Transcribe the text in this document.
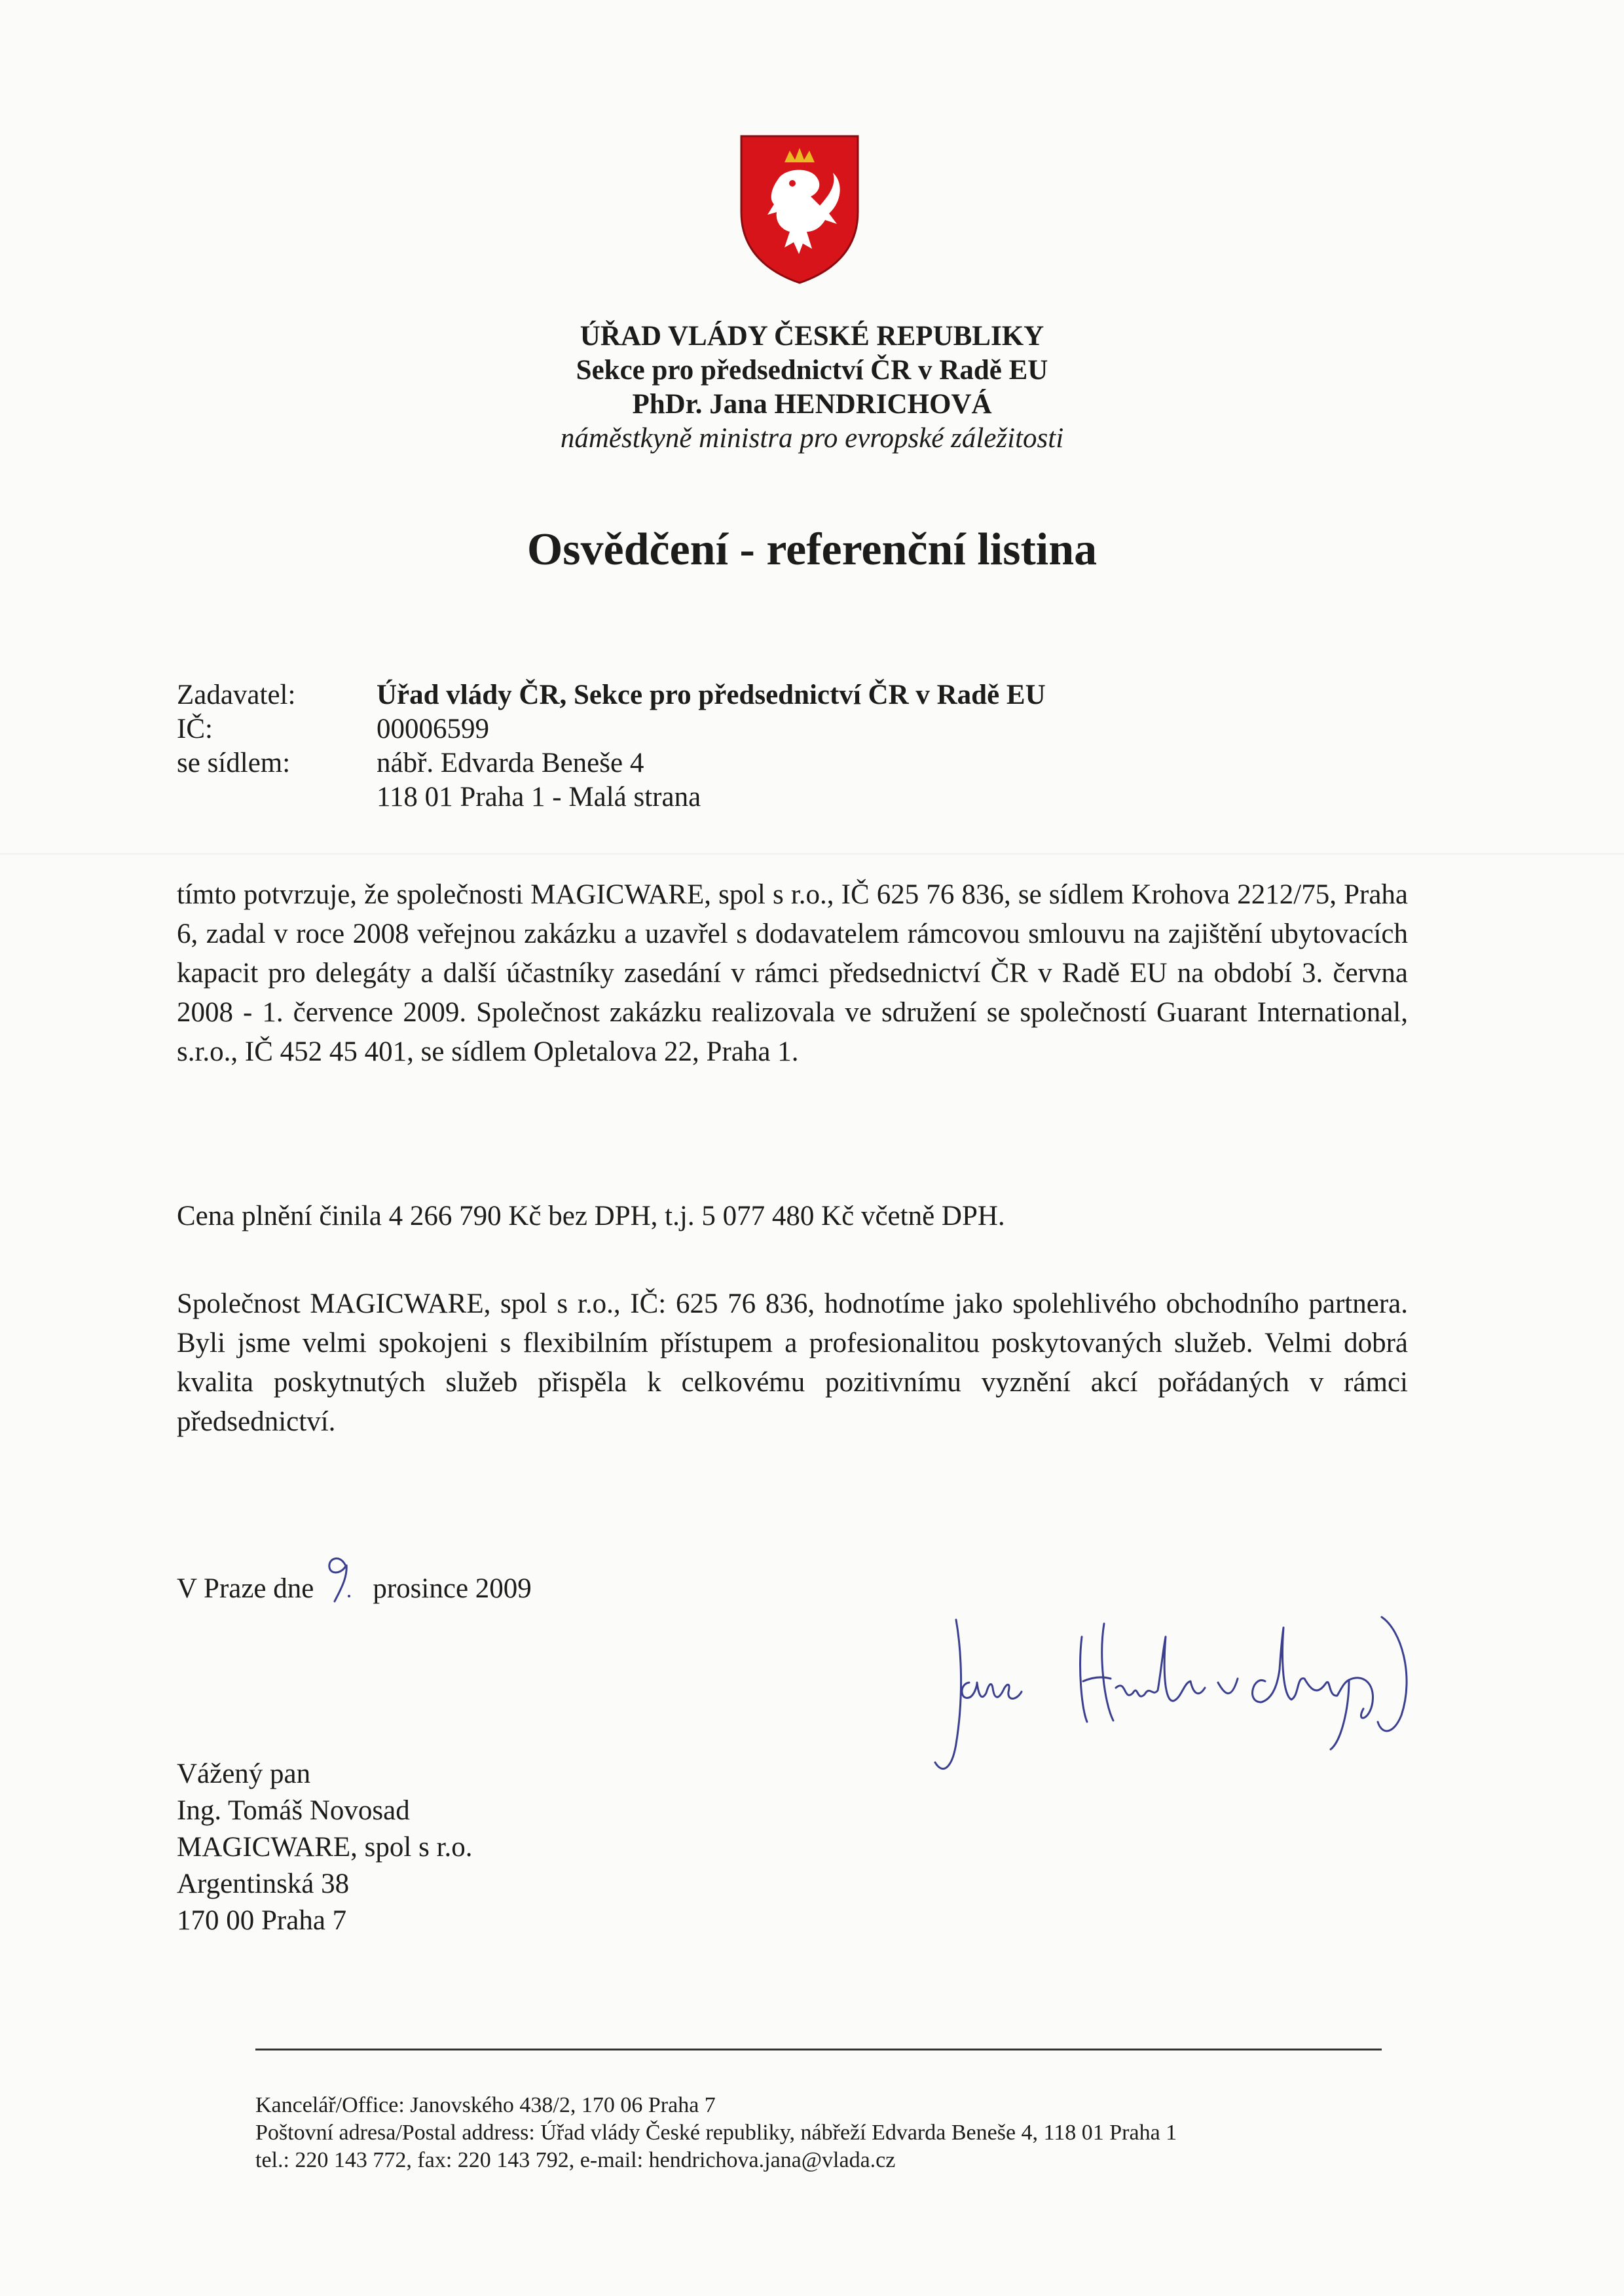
ÚŘAD VLÁDY ČESKÉ REPUBLIKY
Sekce pro předsednictví ČR v Radě EU
PhDr. Jana HENDRICHOVÁ
náměstkyně ministra pro evropské záležitosti
Osvědčení - referenční listina
Zadavatel:	Úřad vlády ČR, Sekce pro předsednictví ČR v Radě EU
IČ:	00006599
se sídlem:	nábř. Edvarda Beneše 4
118 01 Praha 1 - Malá strana

tímto potvrzuje, že společnosti MAGICWARE, spol s r.o., IČ 625 76 836, se sídlem Krohova 2212/75, Praha 6, zadal v roce 2008 veřejnou zakázku a uzavřel s dodavatelem rámcovou smlouvu na zajištění ubytovacích kapacit pro delegáty a další účastníky zasedání v rámci předsednictví ČR v Radě EU na období 3. června 2008 - 1. července 2009. Společnost zakázku realizovala ve sdružení se společností Guarant International, s.r.o., IČ 452 45 401, se sídlem Opletalova 22, Praha 1.

Cena plnění činila 4 266 790 Kč bez DPH, t.j. 5 077 480 Kč včetně DPH.

Společnost MAGICWARE, spol s r.o., IČ: 625 76 836, hodnotíme jako spolehlivého obchodního partnera. Byli jsme velmi spokojeni s flexibilním přístupem a profesionalitou poskytovaných služeb. Velmi dobrá kvalita poskytnutých služeb přispěla k celkovému pozitivnímu vyznění akcí pořádaných v rámci předsednictví.

V Praze dne prosince 2009
Vážený pan
Ing. Tomáš Novosad
MAGICWARE, spol s r.o.
Argentinská 38
170 00 Praha 7
Kancelář/Office: Janovského 438/2, 170 06 Praha 7
Poštovní adresa/Postal address: Úřad vlády České republiky, nábřeží Edvarda Beneše 4, 118 01 Praha 1
tel.: 220 143 772, fax: 220 143 792, e-mail: hendrichova.jana@vlada.cz
